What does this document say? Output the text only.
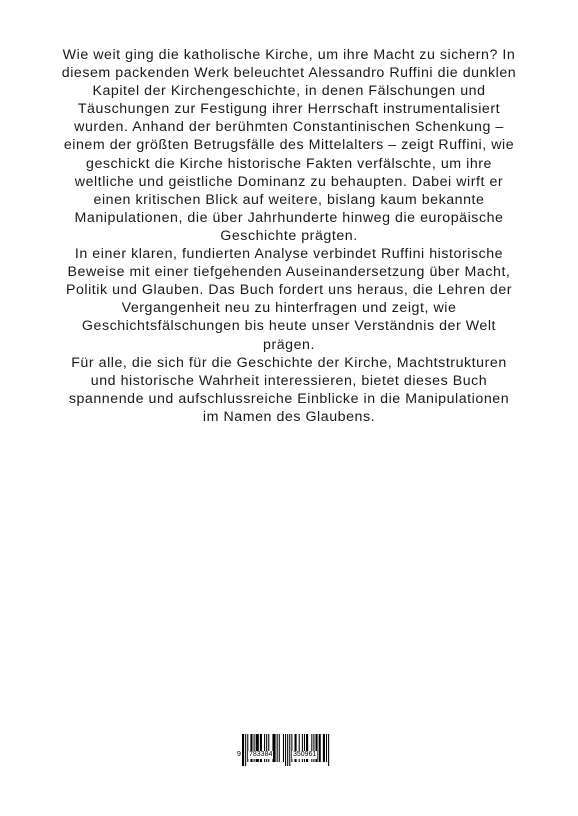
Wie weit ging die katholische Kirche, um ihre Macht zu sichern? In diesem packenden Werk beleuchtet Alessandro Ruffini die dunklen Kapitel der Kirchengeschichte, in denen Fälschungen und Täuschungen zur Festigung ihrer Herrschaft instrumentalisiert wurden. Anhand der berühmten Constantinischen Schenkung – einem der größten Betrugsfälle des Mittelalters – zeigt Ruffini, wie geschickt die Kirche historische Fakten verfälschte, um ihre weltliche und geistliche Dominanz zu behaupten. Dabei wirft er einen kritischen Blick auf weitere, bislang kaum bekannte Manipulationen, die über Jahrhunderte hinweg die europäische Geschichte prägten.

In einer klaren, fundierten Analyse verbindet Ruffini historische Beweise mit einer tiefgehenden Auseinandersetzung über Macht, Politik und Glauben. Das Buch fordert uns heraus, die Lehren der Vergangenheit neu zu hinterfragen und zeigt, wie Geschichtsfälschungen bis heute unser Verständnis der Welt prägen.

Für alle, die sich für die Geschichte der Kirche, Machtstrukturen und historische Wahrheit interessieren, bietet dieses Buch spannende und aufschlussreiche Einblicke in die Manipulationen im Namen des Glaubens.

9 783384	350961
